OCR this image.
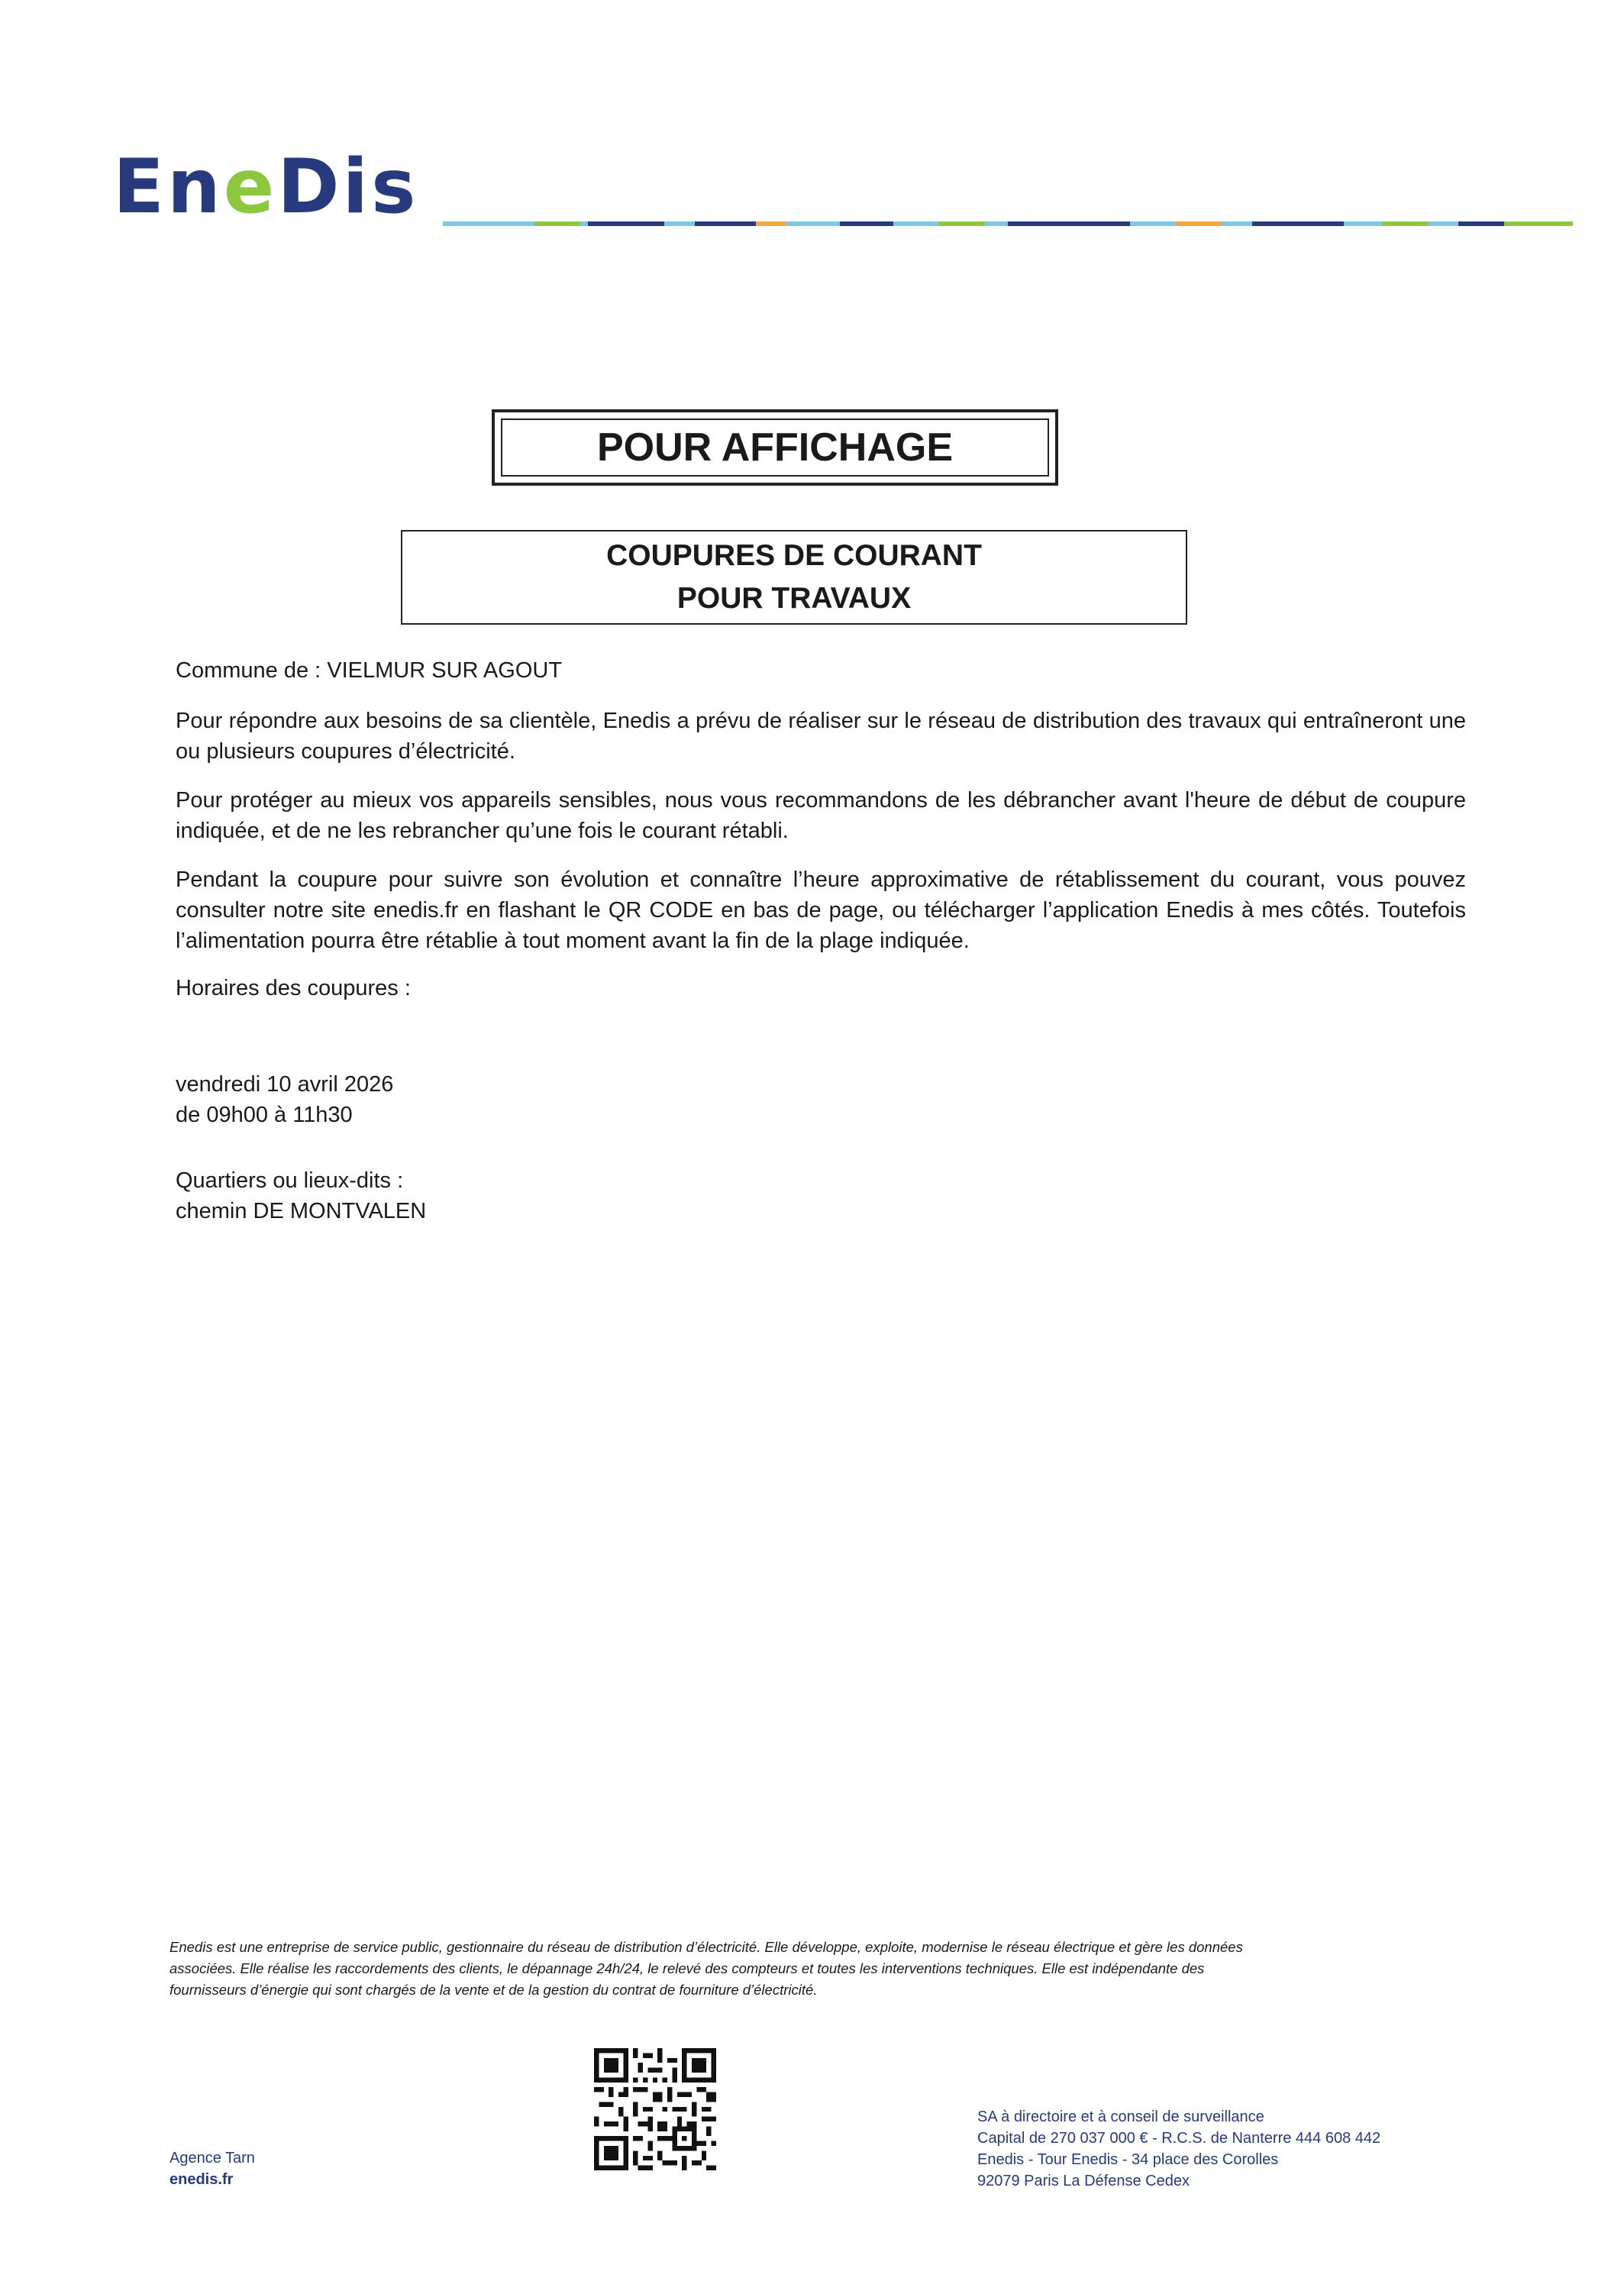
EneDis
POUR AFFICHAGE
COUPURES DE COURANT
POUR TRAVAUX
Commune de : VIELMUR SUR AGOUT
Pour répondre aux besoins de sa clientèle, Enedis a prévu de réaliser sur le réseau de distribution des travaux qui entraîneront une ou plusieurs coupures d’électricité.
Pour protéger au mieux vos appareils sensibles, nous vous recommandons de les débrancher avant l'heure de début de coupure indiquée, et de ne les rebrancher qu’une fois le courant rétabli.
Pendant la coupure pour suivre son évolution et connaître l’heure approximative de rétablissement du courant, vous pouvez consulter notre site enedis.fr en flashant le QR CODE en bas de page, ou télécharger l’application Enedis à mes côtés. Toutefois l’alimentation pourra être rétablie à tout moment avant la fin de la plage indiquée.
Horaires des coupures :
vendredi 10 avril 2026
de 09h00 à 11h30
Quartiers ou lieux-dits :
chemin DE MONTVALEN
Enedis est une entreprise de service public, gestionnaire du réseau de distribution d’électricité. Elle développe, exploite, modernise le réseau électrique et gère les données
associées. Elle réalise les raccordements des clients, le dépannage 24h/24, le relevé des compteurs et toutes les interventions techniques. Elle est indépendante des
fournisseurs d’énergie qui sont chargés de la vente et de la gestion du contrat de fourniture d’électricité.
Agence Tarn
enedis.fr
SA à directoire et à conseil de surveillance
Capital de 270 037 000 € - R.C.S. de Nanterre 444 608 442
Enedis - Tour Enedis - 34 place des Corolles
92079 Paris La Défense Cedex
